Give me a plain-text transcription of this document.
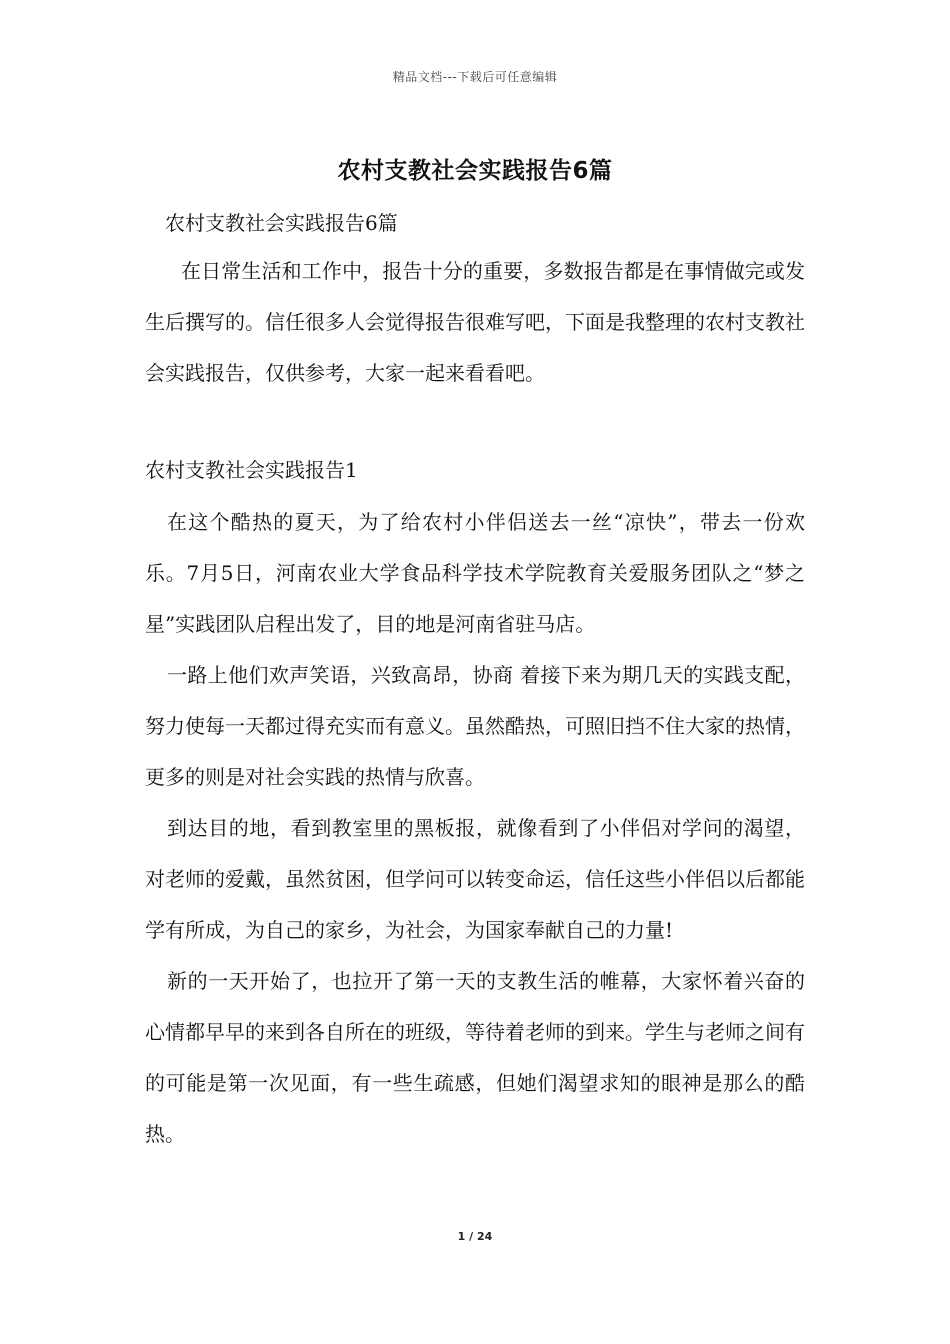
精品文档---下载后可任意编辑
农村支教社会实践报告6篇
农村支教社会实践报告6篇

在日常生活和工作中，报告十分的重要，多数报告都是在事情做完或发生后撰写的。信任很多人会觉得报告很难写吧，下面是我整理的农村支教社会实践报告，仅供参考，大家一起来看看吧。

农村支教社会实践报告1

在这个酷热的夏天，为了给农村小伴侣送去一丝“凉快”，带去一份欢乐。7月5日，河南农业大学食品科学技术学院教育关爱服务团队之“梦之星”实践团队启程出发了，目的地是河南省驻马店。

一路上他们欢声笑语，兴致高昂，协商 着接下来为期几天的实践支配，努力使每一天都过得充实而有意义。虽然酷热，可照旧挡不住大家的热情，更多的则是对社会实践的热情与欣喜。

到达目的地，看到教室里的黑板报，就像看到了小伴侣对学问的渴望，对老师的爱戴，虽然贫困，但学问可以转变命运，信任这些小伴侣以后都能学有所成，为自己的家乡，为社会，为国家奉献自己的力量!

新的一天开始了，也拉开了第一天的支教生活的帷幕，大家怀着兴奋的心情都早早的来到各自所在的班级，等待着老师的到来。学生与老师之间有的可能是第一次见面，有一些生疏感，但她们渴望求知的眼神是那么的酷热。

1 / 24
